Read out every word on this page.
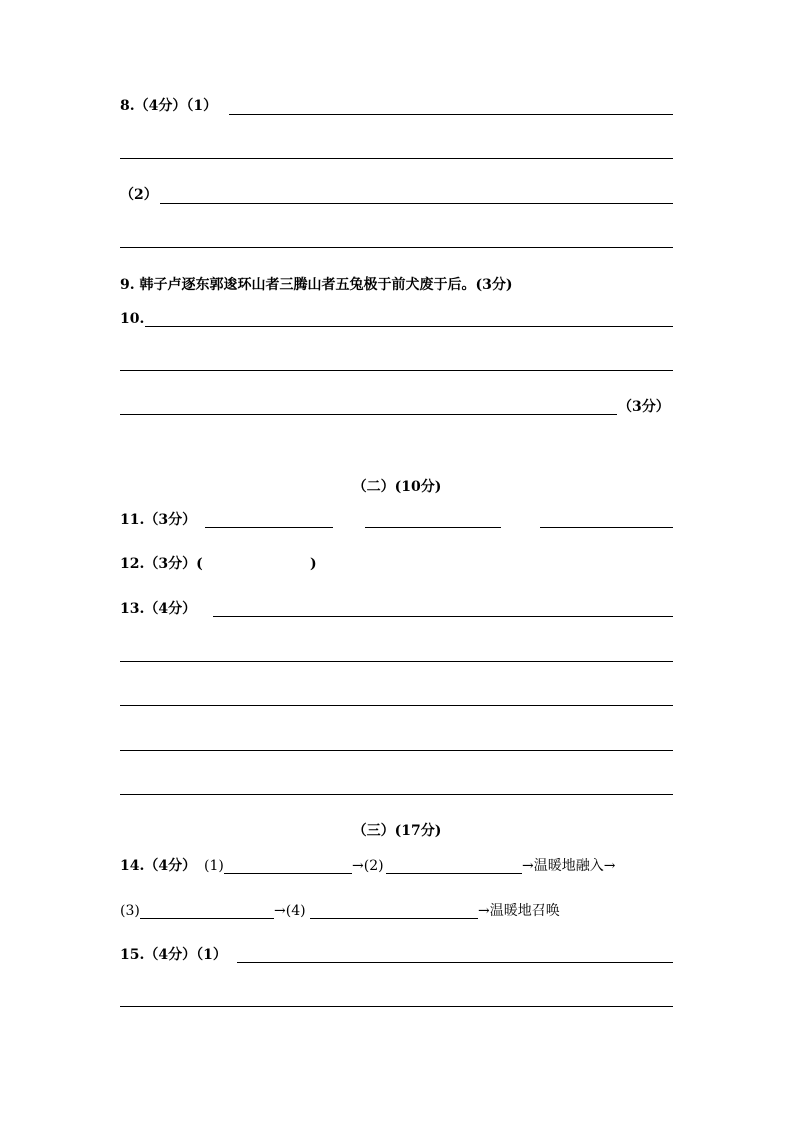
8.（4分）（1）
（2）
9. 韩子卢逐东郭逡环山者三腾山者五兔极于前犬废于后。(3分)
10.
（3分）
（二）(10分)
11.（3分）
12.（3分）(	)
13.（4分）
（三）(17分)
14.（4分） (1)	→(2)	→温暖地融入→
(3)	→(4)	→温暖地召唤
15.（4分）（1）
